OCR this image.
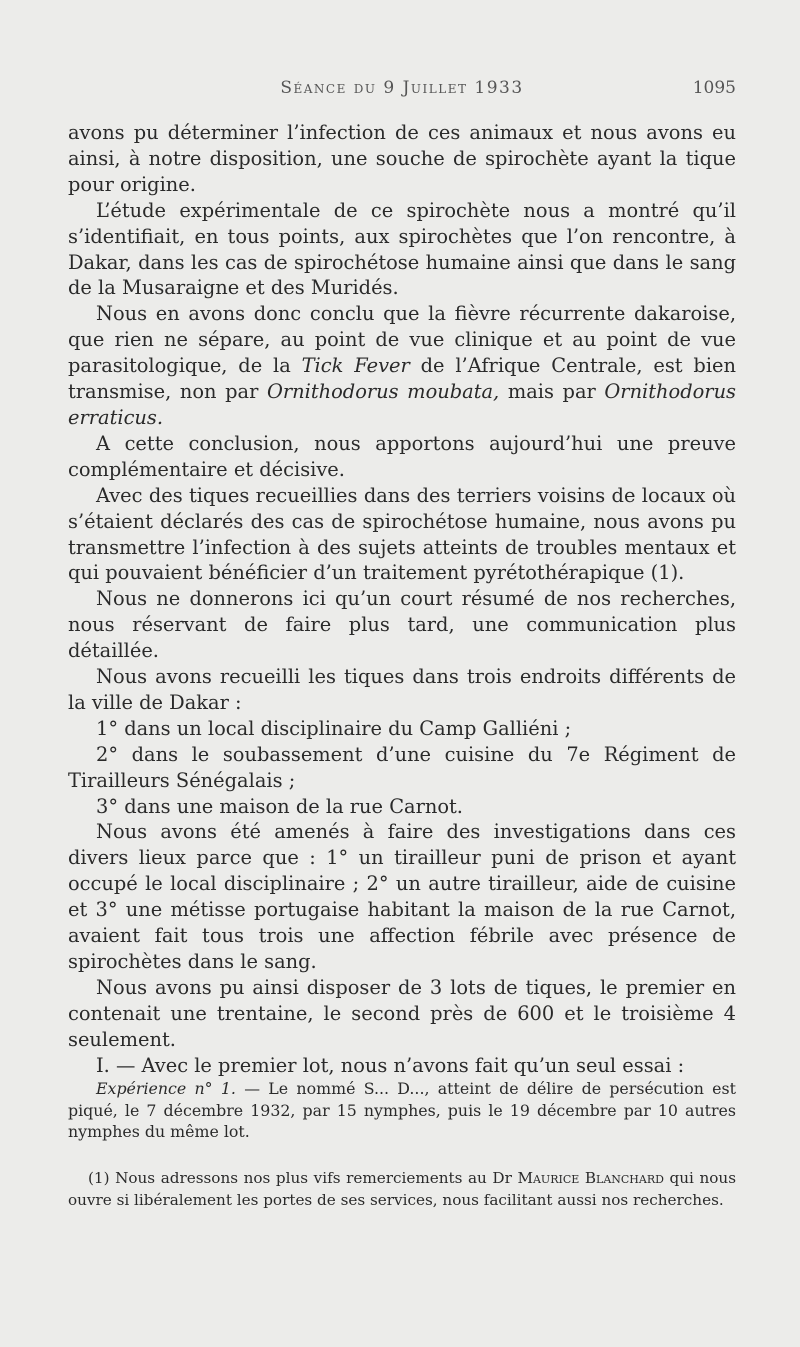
Séance du 9 Juillet 1933	1095

avons pu déterminer l’infection de ces animaux et nous avons eu ainsi, à notre disposition, une souche de spirochète ayant la tique pour origine.

L’étude expérimentale de ce spirochète nous a montré qu’il s’identifiait, en tous points, aux spirochètes que l’on rencontre, à Dakar, dans les cas de spirochétose humaine ainsi que dans le sang de la Musaraigne et des Muridés.

Nous en avons donc conclu que la fièvre récurrente dakaroise, que rien ne sépare, au point de vue clinique et au point de vue parasitologique, de la Tick Fever de l’Afrique Centrale, est bien transmise, non par Ornithodorus moubata, mais par Ornithodorus erraticus.

A cette conclusion, nous apportons aujourd’hui une preuve complémentaire et décisive.

Avec des tiques recueillies dans des terriers voisins de locaux où s’étaient déclarés des cas de spirochétose humaine, nous avons pu transmettre l’infection à des sujets atteints de troubles mentaux et qui pouvaient bénéficier d’un traitement pyrétothérapique (1).

Nous ne donnerons ici qu’un court résumé de nos recherches, nous réservant de faire plus tard, une communication plus détaillée.

Nous avons recueilli les tiques dans trois endroits différents de la ville de Dakar :

1° dans un local disciplinaire du Camp Galliéni ;

2° dans le soubassement d’une cuisine du 7e Régiment de Tirailleurs Sénégalais ;

3° dans une maison de la rue Carnot.

Nous avons été amenés à faire des investigations dans ces divers lieux parce que : 1° un tirailleur puni de prison et ayant occupé le local disciplinaire ; 2° un autre tirailleur, aide de cuisine et 3° une métisse portugaise habitant la maison de la rue Carnot, avaient fait tous trois une affection fébrile avec présence de spirochètes dans le sang.

Nous avons pu ainsi disposer de 3 lots de tiques, le premier en contenait une trentaine, le second près de 600 et le troisième 4 seulement.

I. — Avec le premier lot, nous n’avons fait qu’un seul essai :

Expérience n° 1. — Le nommé S... D..., atteint de délire de persécution est piqué, le 7 décembre 1932, par 15 nymphes, puis le 19 décembre par 10 autres nymphes du même lot.

(1) Nous adressons nos plus vifs remerciements au Dr Maurice Blanchard qui nous ouvre si libéralement les portes de ses services, nous facilitant aussi nos recherches.
